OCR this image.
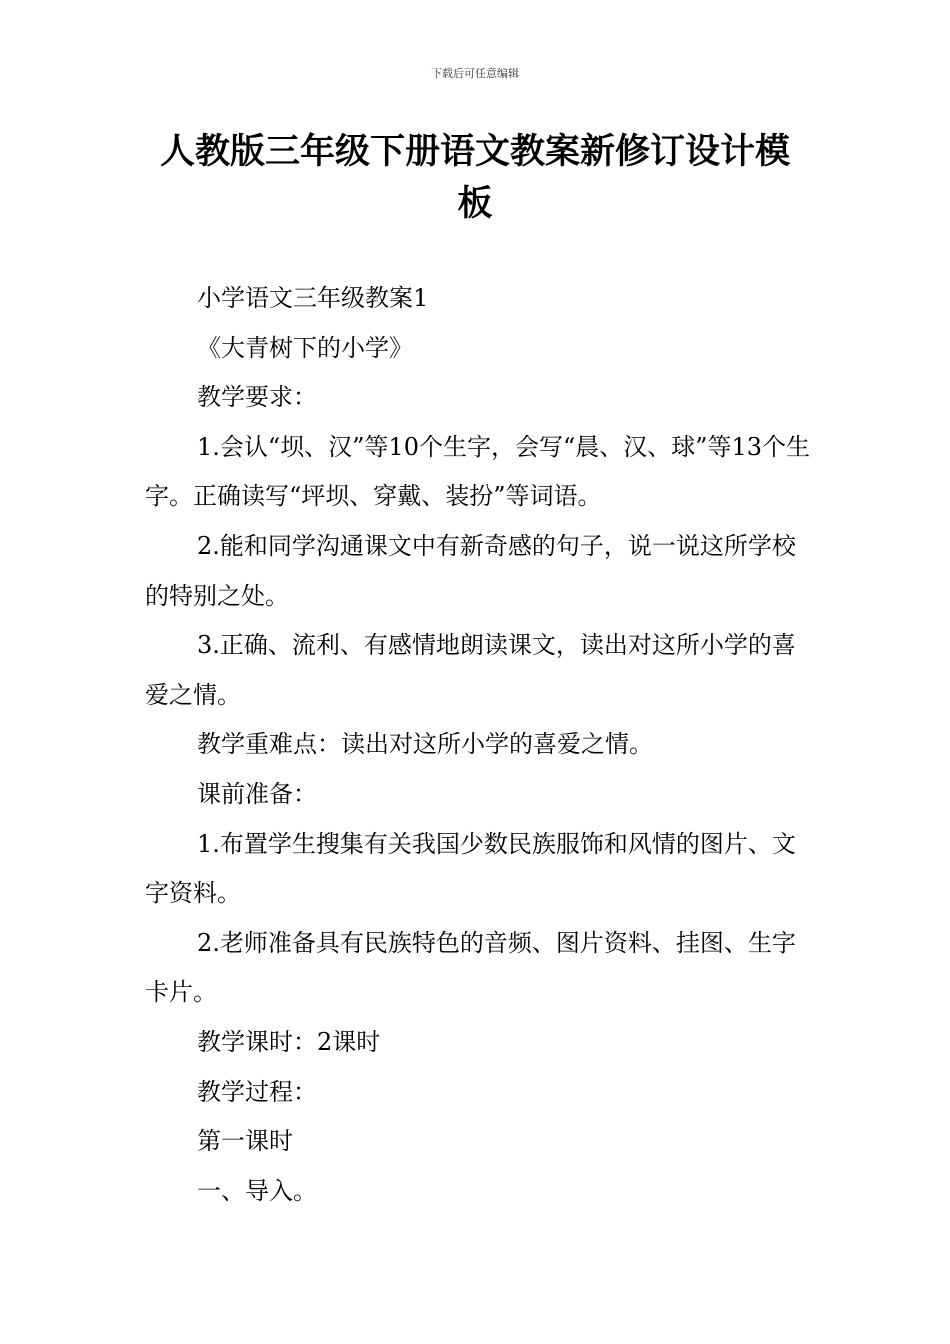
下载后可任意编辑
人教版三年级下册语文教案新修订设计模
板

小学语文三年级教案1

《大青树下的小学》

教学要求：

1.会认“坝、汉”等10个生字，会写“晨、汉、球”等13个生字。正确读写“坪坝、穿戴、装扮”等词语。

2.能和同学沟通课文中有新奇感的句子，说一说这所学校的特别之处。

3.正确、流利、有感情地朗读课文，读出对这所小学的喜爱之情。

教学重难点：读出对这所小学的喜爱之情。

课前准备：

1.布置学生搜集有关我国少数民族服饰和风情的图片、文字资料。

2.老师准备具有民族特色的音频、图片资料、挂图、生字卡片。

教学课时：2课时

教学过程：

第一课时

一、导入。
